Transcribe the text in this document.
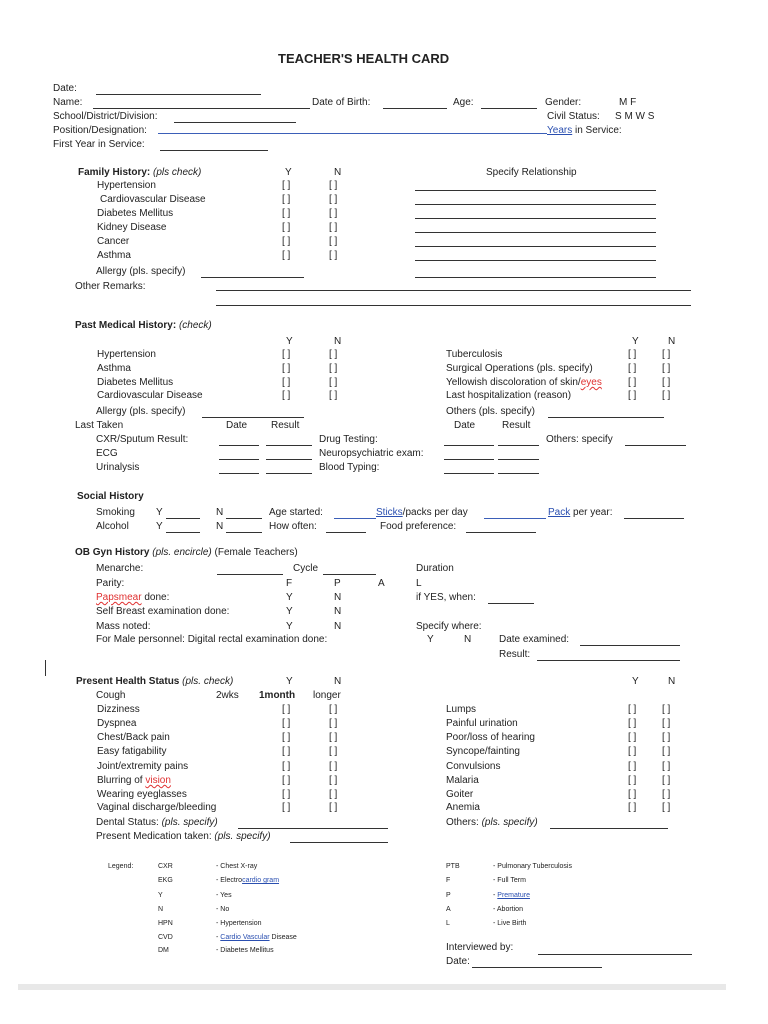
TEACHER'S HEALTH CARD
Date:
Name:	Date of Birth:	Age:	Gender:	M F
School/District/Division:	Civil Status: S M W S
Position/Designation:	Years in Service:
First Year in Service:
Family History: (pls check)	Y	N	Specify Relationship
Hypertension	[ ]	[ ]
Cardiovascular Disease	[ ]	[ ]
Diabetes Mellitus	[ ]	[ ]
Kidney Disease	[ ]	[ ]
Cancer	[ ]	[ ]
Asthma	[ ]	[ ]
Allergy (pls. specify)
Other Remarks:
Past Medical History: (check)
Y	N	Y	N
Hypertension	[ ]	[ ]
Asthma	[ ]	[ ]
Diabetes Mellitus	[ ]	[ ]
Cardiovascular Disease	[ ]	[ ]
Tuberculosis	[ ]	[ ]
Surgical Operations (pls. specify)	[ ]	[ ]
Yellowish discoloration of skin/eyes	[ ]	[ ]
Last hospitalization (reason)	[ ]	[ ]
Allergy (pls. specify)	Others (pls. specify)
Last Taken	Date Result	Date	Result
CXR/Sputum Result:
ECG
Urinalysis
Drug Testing:
Neuropsychiatric exam:
Blood Typing:
Others: specify
Social History
Smoking Y	N	Age started:	Sticks/packs per day	Pack per year:
Alcohol	Y	N	How often:	Food preference:
OB Gyn History (pls. encircle) (Female Teachers)
Menarche:	Cycle	Duration
Parity:	F	P	A	L
Papsmear done:	Y	N	if YES, when:
Self Breast examination done:	Y	N
Mass noted:	Y	N	Specify where:
For Male personnel: Digital rectal examination done:	Y	N	Date examined:
Result:
Present Health Status (pls. check)	Y	N	Y	N
Cough	2wks 1month longer
Dizziness	[ ]	[ ]
Dyspnea	[ ]	[ ]
Chest/Back pain	[ ]	[ ]
Easy fatigability	[ ]	[ ]
Joint/extremity pains	[ ]	[ ]
Blurring of vision	[ ]	[ ]
Wearing eyeglasses	[ ]	[ ]
Vaginal discharge/bleeding	[ ]	[ ]
Lumps	[ ]	[ ]
Painful urination	[ ]	[ ]
Poor/loss of hearing	[ ]	[ ]
Syncope/fainting	[ ]	[ ]
Convulsions	[ ]	[ ]
Malaria	[ ]	[ ]
Goiter	[ ]	[ ]
Anemia	[ ]	[ ]
Dental Status: (pls. specify)
Present Medication taken: (pls. specify)
Others: (pls. specify)
Legend:	CXR	- Chest X-ray
EKG	- Electrocardio gram
Y	- Yes
N	- No
HPN	- Hypertension
CVD	- Cardio Vascular Disease
DM	- Diabetes Mellitus
PTB	- Pulmonary Tuberculosis
F	- Full Term
P	- Premature
A	- Abortion
L	- Live Birth
Interviewed by:
Date:
